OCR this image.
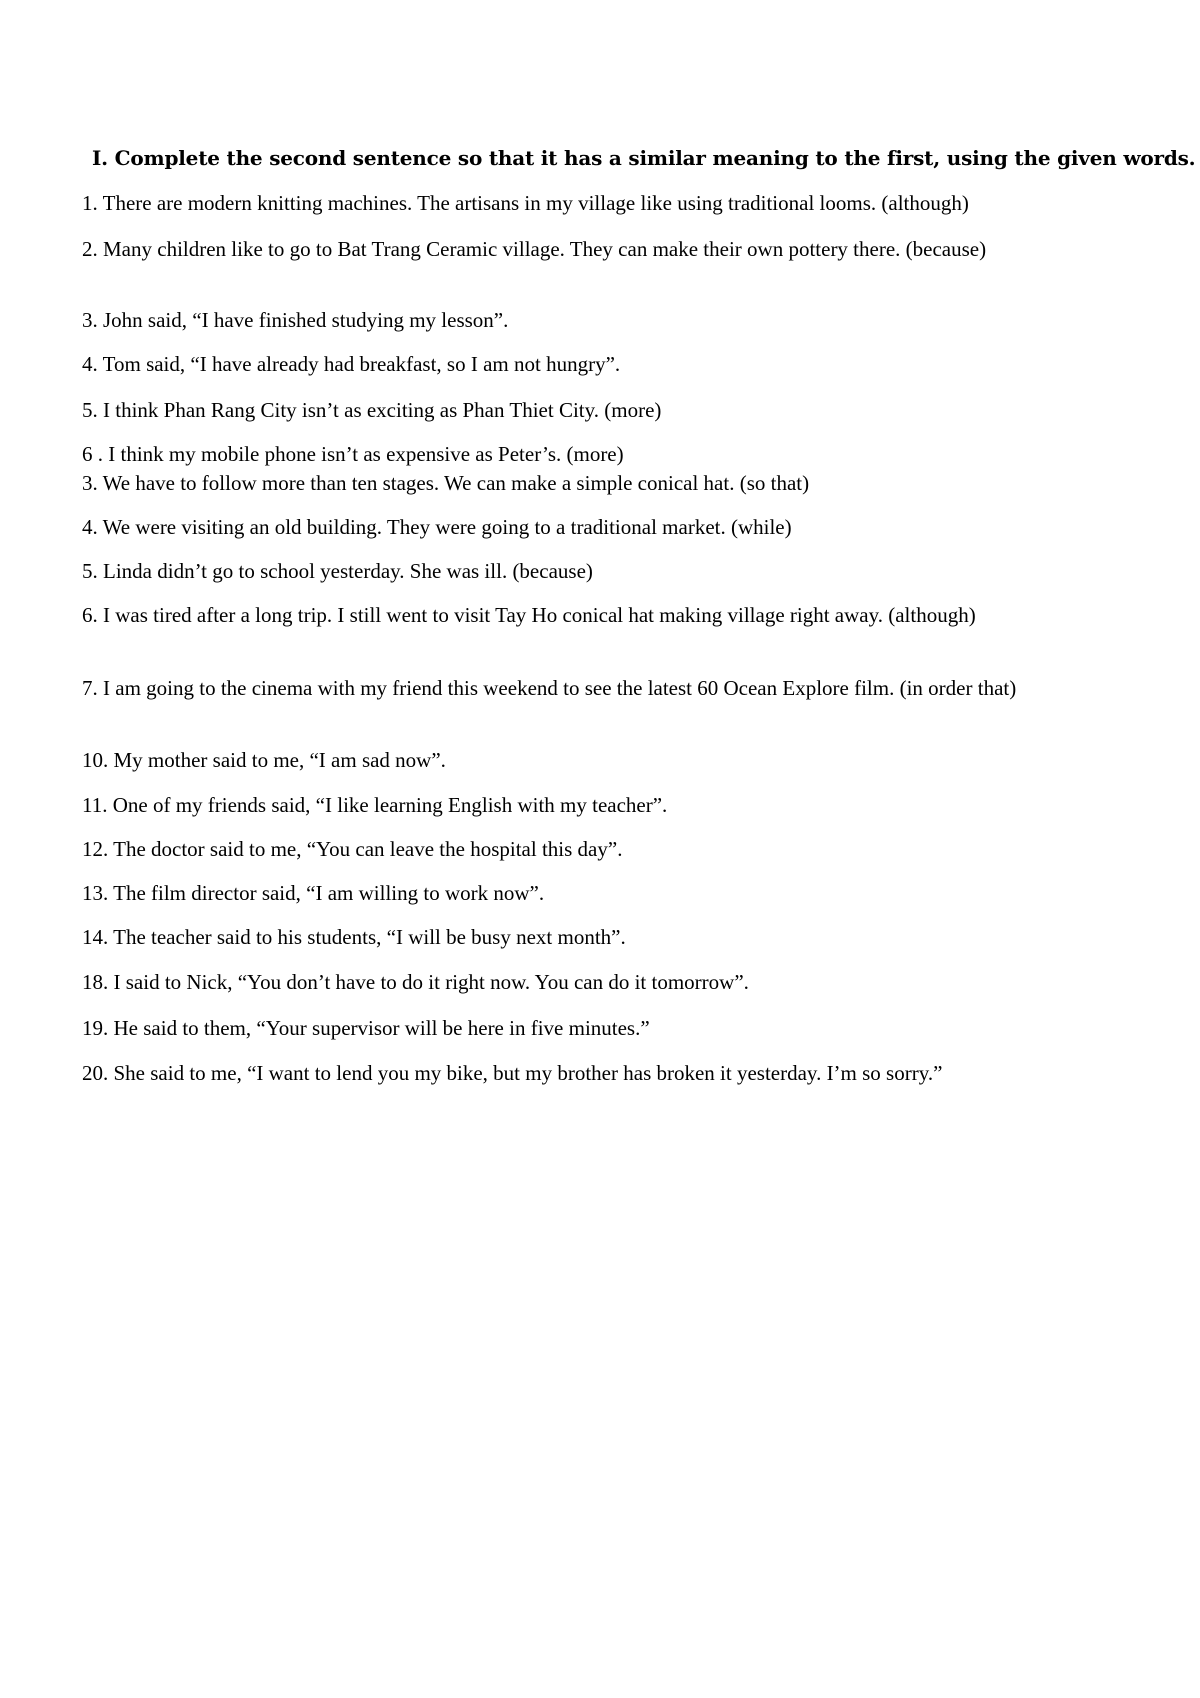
I. Complete the second sentence so that it has a similar meaning to the first, using the given words.
1. There are modern knitting machines. The artisans in my village like using traditional looms. (although)
2. Many children like to go to Bat Trang Ceramic village. They can make their own pottery there. (because)
3. John said, “I have finished studying my lesson”.
4. Tom said, “I have already had breakfast, so I am not hungry”.
5. I think Phan Rang City isn’t as exciting as Phan Thiet City. (more)
6 . I think my mobile phone isn’t as expensive as Peter’s. (more)
3. We have to follow more than ten stages. We can make a simple conical hat. (so that)
4. We were visiting an old building. They were going to a traditional market. (while)
5. Linda didn’t go to school yesterday. She was ill. (because)
6. I was tired after a long trip. I still went to visit Tay Ho conical hat making village right away. (although)
7. I am going to the cinema with my friend this weekend to see the latest 60 Ocean Explore film. (in order that)
10. My mother said to me, “I am sad now”.
11. One of my friends said, “I like learning English with my teacher”.
12. The doctor said to me, “You can leave the hospital this day”.
13. The film director said, “I am willing to work now”.
14. The teacher said to his students, “I will be busy next month”.
18. I said to Nick, “You don’t have to do it right now. You can do it tomorrow”.
19. He said to them, “Your supervisor will be here in five minutes.”
20. She said to me, “I want to lend you my bike, but my brother has broken it yesterday. I’m so sorry.”
